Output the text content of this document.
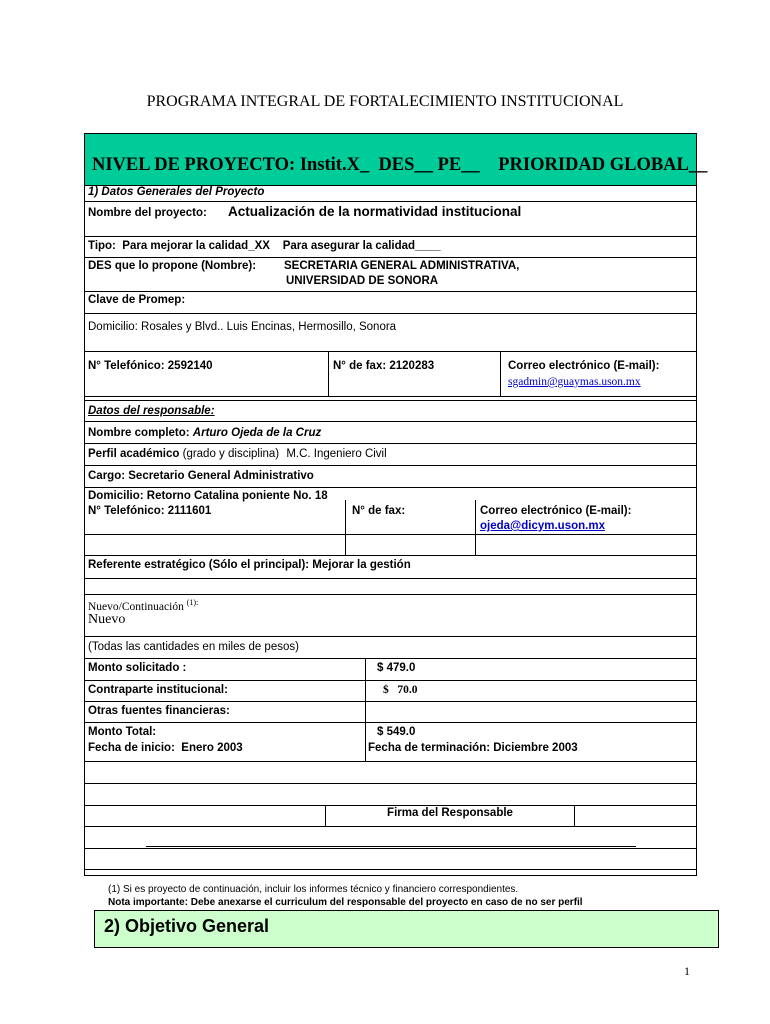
PROGRAMA INTEGRAL DE FORTALECIMIENTO INSTITUCIONAL
NIVEL DE PROYECTO: Instit.X_  DES__ PE__    PRIORIDAD GLOBAL__
1) Datos Generales del Proyecto
Nombre del proyecto: Actualización de la normatividad institucional
Tipo:  Para mejorar la calidad_XX    Para asegurar la calidad____
DES que lo propone (Nombre): SECRETARIA GENERAL ADMINISTRATIVA,
UNIVERSIDAD DE SONORA
Clave de Promep:
Domicilio: Rosales y Blvd.. Luis Encinas, Hermosillo, Sonora
N° Telefónico: 2592140	N° de fax: 2120283	Correo electrónico (E-mail):
sgadmin@guaymas.uson.mx
Datos del responsable:
Nombre completo: Arturo Ojeda de la Cruz
Perfil académico (grado y disciplina) M.C. Ingeniero Civil
Cargo: Secretario General Administrativo
Domicilio: Retorno Catalina poniente No. 18
N° Telefónico: 2111601	N° de fax:	Correo electrónico (E-mail):
ojeda@dicym.uson.mx
Referente estratégico (Sólo el principal): Mejorar la gestión
Nuevo/Continuación $^{(1):}$
Nuevo
(Todas las cantidades en miles de pesos)
Monto solicitado :	$ 479.0
Contraparte institucional:	$   70.0
Otras fuentes financieras:
Monto Total:	$ 549.0
Fecha de inicio:  Enero 2003	Fecha de terminación: Diciembre 2003
Firma del Responsable
(1) Si es proyecto de continuación, incluir los informes técnico y financiero correspondientes.
Nota importante: Debe anexarse el curriculum del responsable del proyecto en caso de no ser perfil
2) Objetivo General
1
